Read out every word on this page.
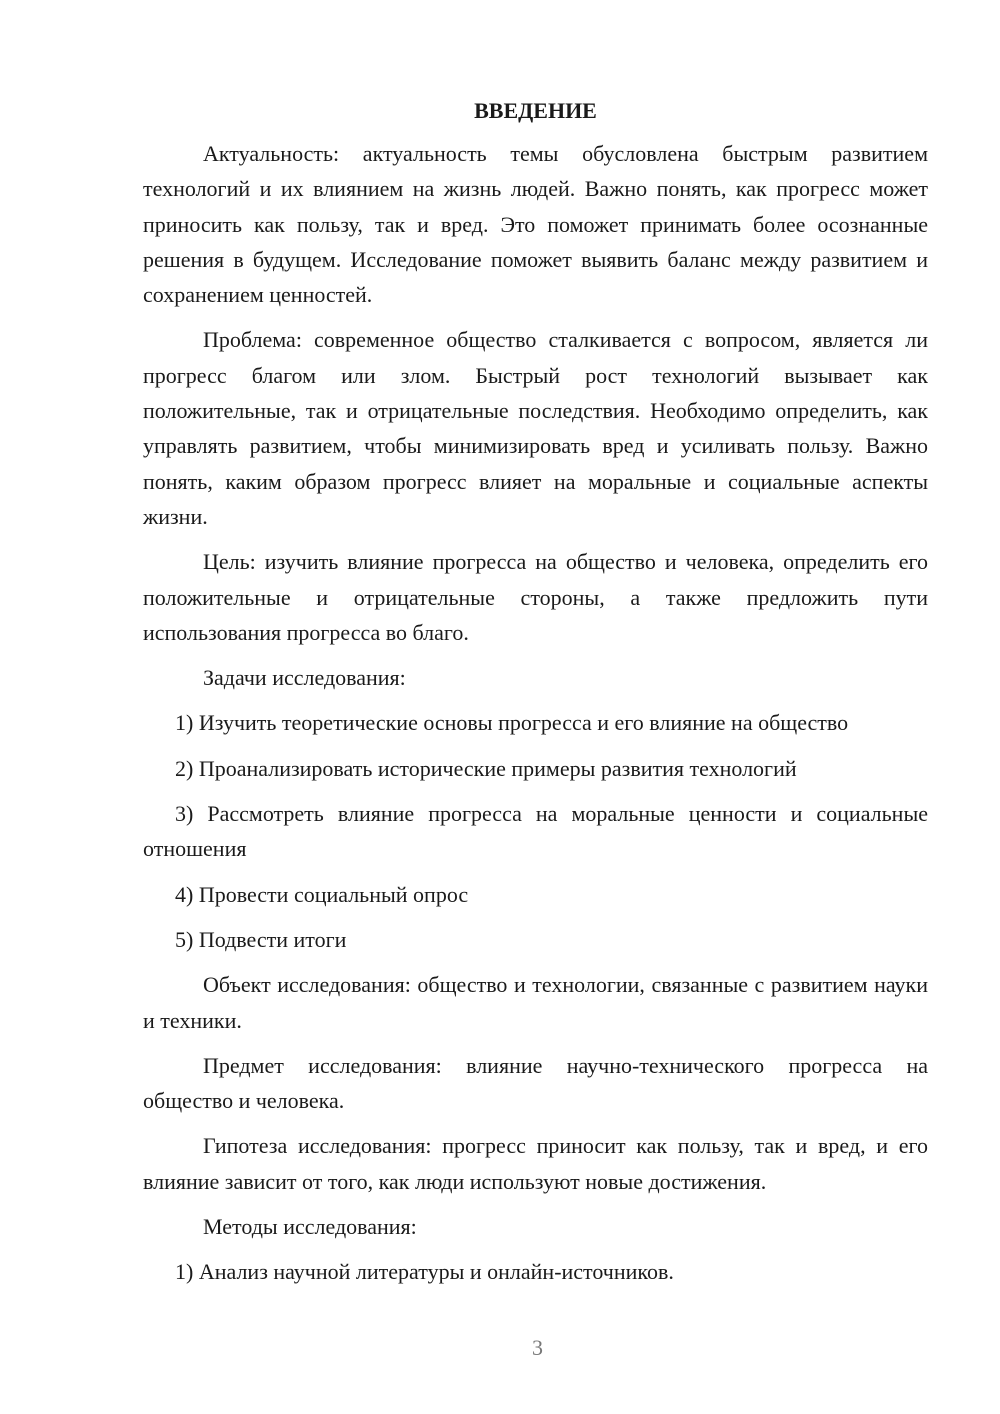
ВВЕДЕНИЕ

Актуальность: актуальность темы обусловлена быстрым развитием технологий и их влиянием на жизнь людей. Важно понять, как прогресс может приносить как пользу, так и вред. Это поможет принимать более осознанные решения в будущем. Исследование поможет выявить баланс между развитием и сохранением ценностей.

Проблема: современное общество сталкивается с вопросом, является ли прогресс благом или злом. Быстрый рост технологий вызывает как положительные, так и отрицательные последствия. Необходимо определить, как управлять развитием, чтобы минимизировать вред и усиливать пользу. Важно понять, каким образом прогресс влияет на моральные и социальные аспекты жизни.

Цель: изучить влияние прогресса на общество и человека, определить его положительные и отрицательные стороны, а также предложить пути использования прогресса во благо.

Задачи исследования:

1) Изучить теоретические основы прогресса и его влияние на общество

2) Проанализировать исторические примеры развития технологий

3) Рассмотреть влияние прогресса на моральные ценности и социальные отношения

4) Провести социальный опрос

5) Подвести итоги

Объект исследования: общество и технологии, связанные с развитием науки и техники.

Предмет исследования: влияние научно-технического прогресса на общество и человека.

Гипотеза исследования: прогресс приносит как пользу, так и вред, и его влияние зависит от того, как люди используют новые достижения.

Методы исследования:

1) Анализ научной литературы и онлайн-источников.

3
